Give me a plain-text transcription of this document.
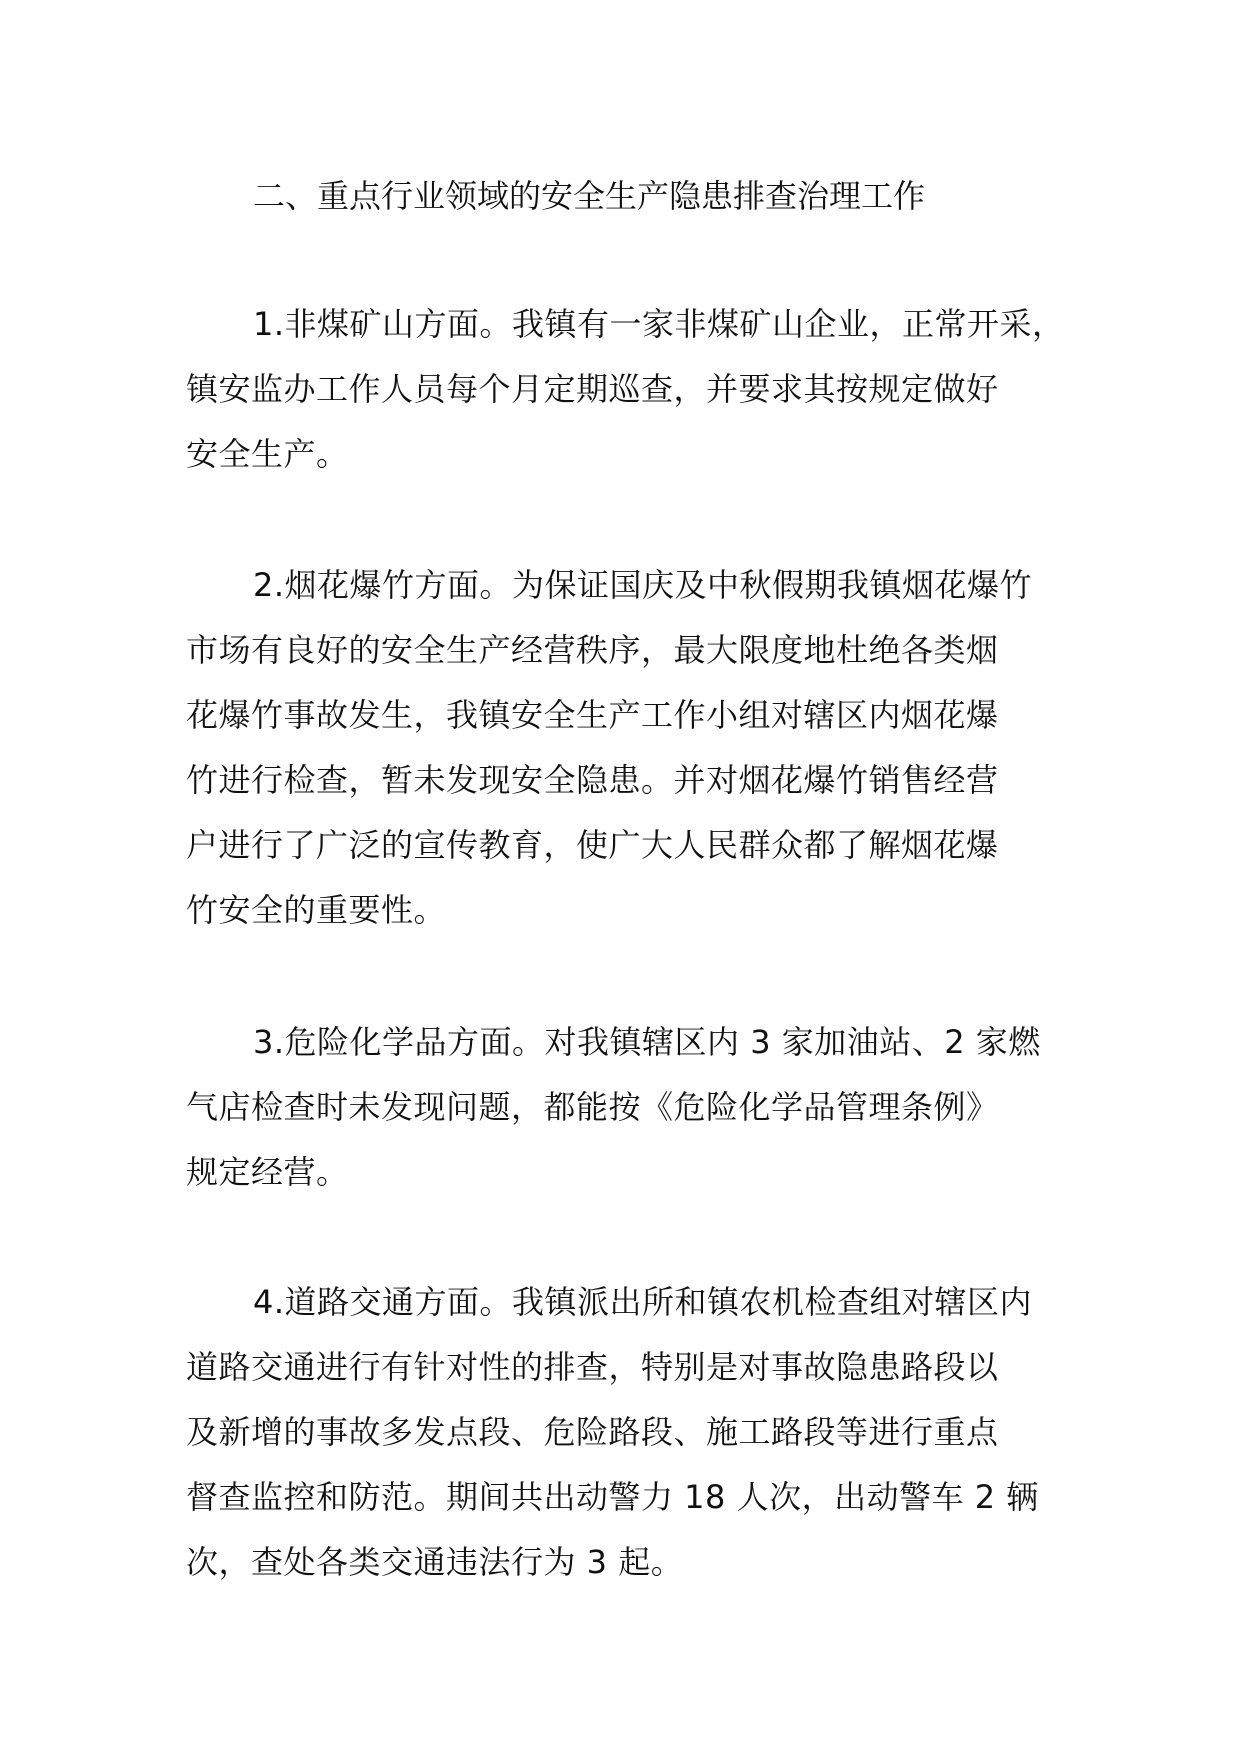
二、重点行业领域的安全生产隐患排查治理工作
1.非煤矿山方面。我镇有一家非煤矿山企业，正常开采，
镇安监办工作人员每个月定期巡查，并要求其按规定做好
安全生产。
2.烟花爆竹方面。为保证国庆及中秋假期我镇烟花爆竹
市场有良好的安全生产经营秩序，最大限度地杜绝各类烟
花爆竹事故发生，我镇安全生产工作小组对辖区内烟花爆
竹进行检查，暂未发现安全隐患。并对烟花爆竹销售经营
户进行了广泛的宣传教育，使广大人民群众都了解烟花爆
竹安全的重要性。
3.危险化学品方面。对我镇辖区内 3 家加油站、2 家燃
气店检查时未发现问题，都能按《危险化学品管理条例》
规定经营。
4.道路交通方面。我镇派出所和镇农机检查组对辖区内
道路交通进行有针对性的排查，特别是对事故隐患路段以
及新增的事故多发点段、危险路段、施工路段等进行重点
督查监控和防范。期间共出动警力 18 人次，出动警车 2 辆
次，查处各类交通违法行为 3 起。
